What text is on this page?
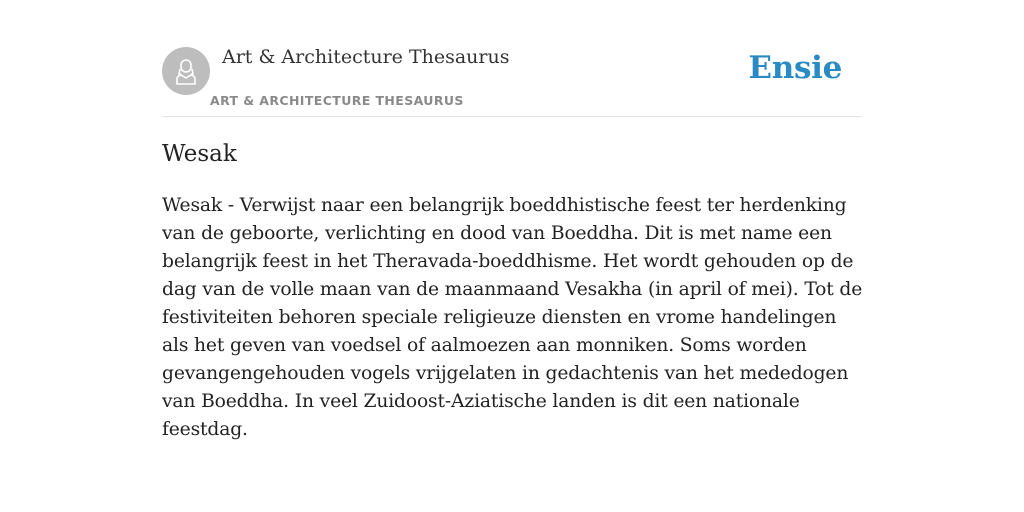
Art & Architecture Thesaurus
ART & ARCHITECTURE THESAURUS
Ensie
Wesak

Wesak - Verwijst naar een belangrijk boeddhistische feest ter herdenking van de geboorte, verlichting en dood van Boeddha. Dit is met name een belangrijk feest in het Theravada-boeddhisme. Het wordt gehouden op de dag van de volle maan van de maanmaand Vesakha (in april of mei). Tot de festiviteiten behoren speciale religieuze diensten en vrome handelingen als het geven van voedsel of aalmoezen aan monniken. Soms worden gevangengehouden vogels vrijgelaten in gedachtenis van het mededogen van Boeddha. In veel Zuidoost-Aziatische landen is dit een nationale feestdag.
